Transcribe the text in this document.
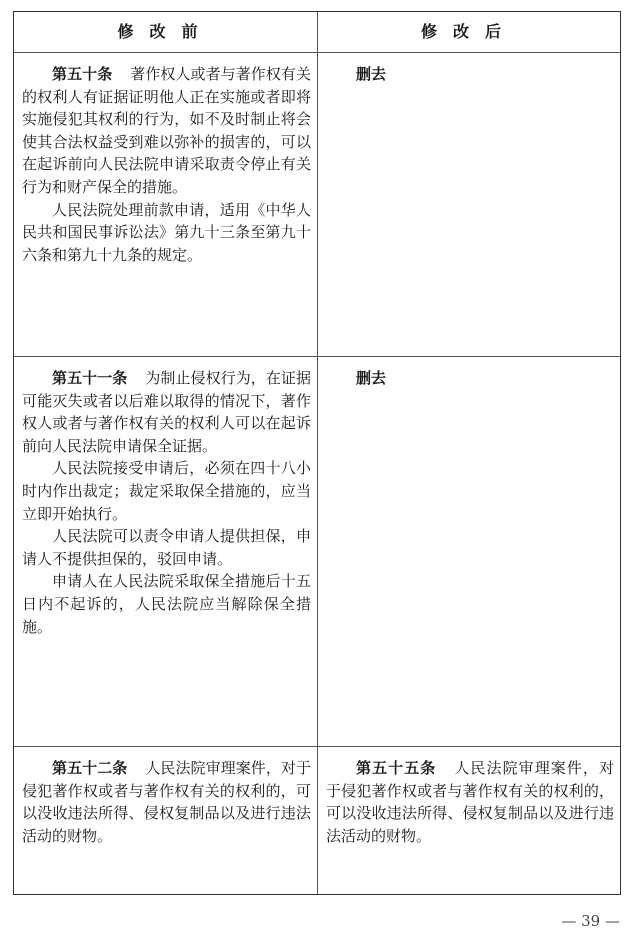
修改前	修改后

第五十条 著作权人或者与著作权有关的权利人有证据证明他人正在实施或者即将实施侵犯其权利的行为，如不及时制止将会使其合法权益受到难以弥补的损害的，可以在起诉前向人民法院申请采取责令停止有关行为和财产保全的措施。

人民法院处理前款申请，适用《中华人民共和国民事诉讼法》第九十三条至第九十六条和第九十九条的规定。

删去

第五十一条 为制止侵权行为，在证据可能灭失或者以后难以取得的情况下，著作权人或者与著作权有关的权利人可以在起诉前向人民法院申请保全证据。

人民法院接受申请后，必须在四十八小时内作出裁定；裁定采取保全措施的，应当立即开始执行。

人民法院可以责令申请人提供担保，申请人不提供担保的，驳回申请。

申请人在人民法院采取保全措施后十五日内不起诉的，人民法院应当解除保全措施。

删去

第五十二条 人民法院审理案件，对于侵犯著作权或者与著作权有关的权利的，可以没收违法所得、侵权复制品以及进行违法活动的财物。

第五十五条 人民法院审理案件，对于侵犯著作权或者与著作权有关的权利的，可以没收违法所得、侵权复制品以及进行违法活动的财物。

— 39 —
